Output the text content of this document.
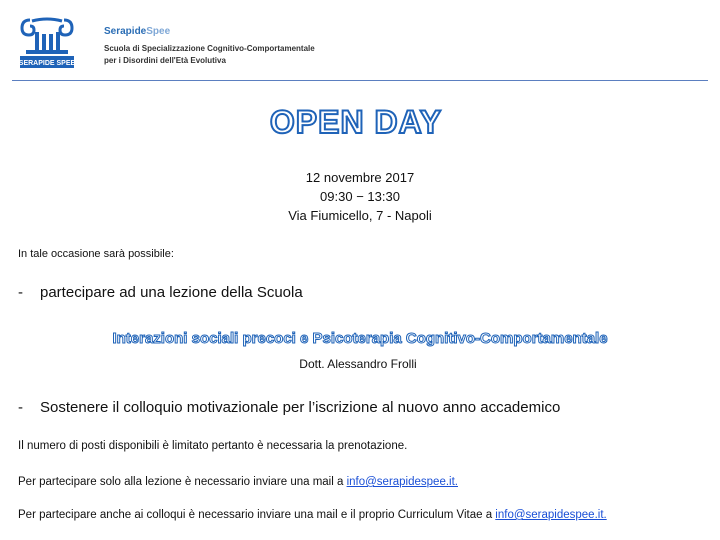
SERAPIDE SPEE
SerapideSpee
Scuola di Specializzazione Cognitivo-Comportamentale
per i Disordini dell'Età Evolutiva
OPEN DAY
12 novembre 2017
09:30 − 13:30
Via Fiumicello, 7 - Napoli
In tale occasione sarà possibile:
- partecipare ad una lezione della Scuola
Interazioni sociali precoci e Psicoterapia Cognitivo-Comportamentale
Dott. Alessandro Frolli
- Sostenere il colloquio motivazionale per l’iscrizione al nuovo anno accademico
Il numero di posti disponibili è limitato pertanto è necessaria la prenotazione.
Per partecipare solo alla lezione è necessario inviare una mail a info@serapidespee.it.
Per partecipare anche ai colloqui è necessario inviare una mail e il proprio Curriculum Vitae a info@serapidespee.it.
